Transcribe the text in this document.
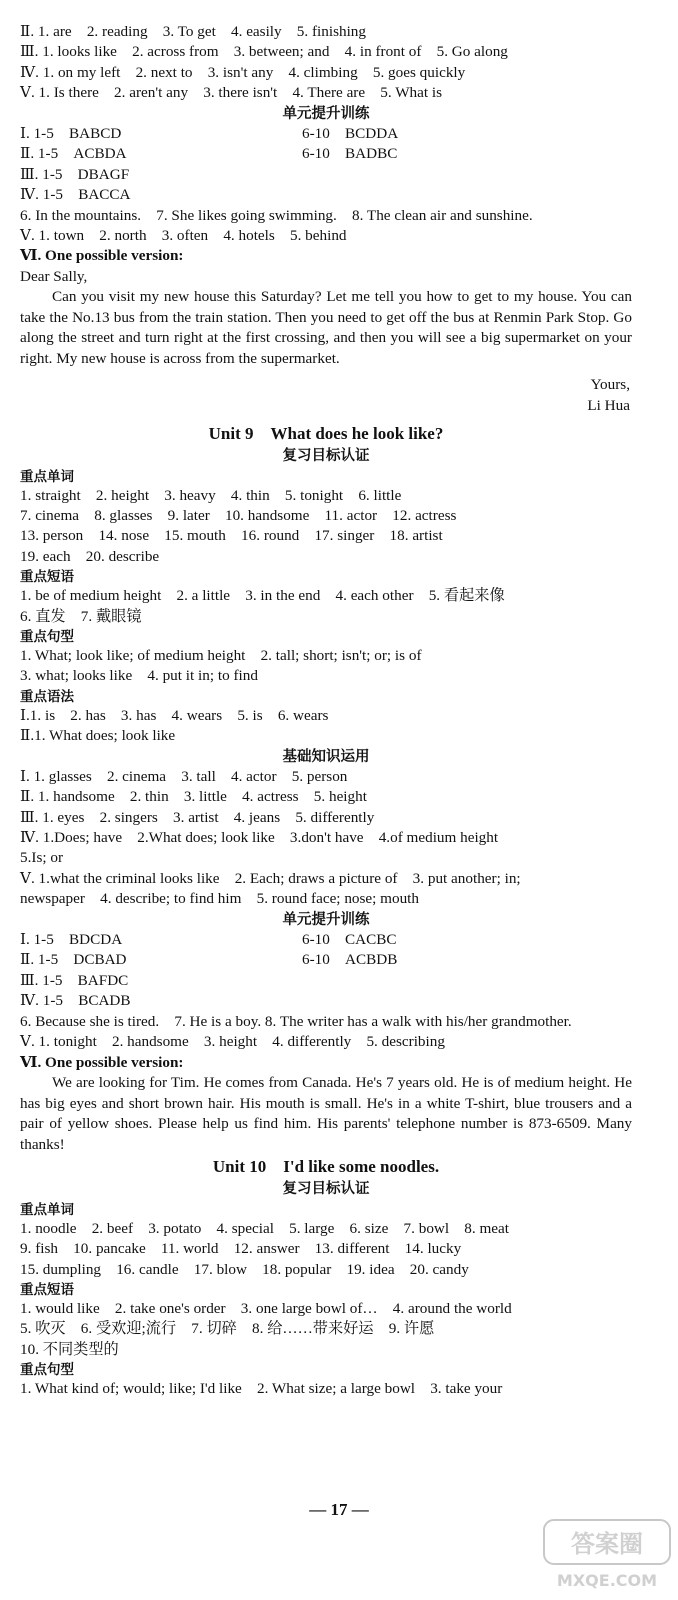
Ⅱ. 1. are　2. reading　3. To get　4. easily　5. finishing
Ⅲ. 1. looks like　2. across from　3. between; and　4. in front of　5. Go along
Ⅳ. 1. on my left　2. next to　3. isn't any　4. climbing　5. goes quickly
Ⅴ. 1. Is there　2. aren't any　3. there isn't　4. There are　5. What is
单元提升训练
Ⅰ. 1-5　BABCD	6-10　BCDDA
Ⅱ. 1-5　ACBDA	6-10　BADBC
Ⅲ. 1-5　DBAGF
Ⅳ. 1-5　BACCA
6. In the mountains.　7. She likes going swimming.　8. The clean air and sunshine.
Ⅴ. 1. town　2. north　3. often　4. hotels　5. behind
Ⅵ. One possible version:
Dear Sally,
Can you visit my new house this Saturday? Let me tell you how to get to my house. You can take the No.13 bus from the train station. Then you need to get off the bus at Renmin Park Stop. Go along the street and turn right at the first crossing, and then you will see a big supermarket on your right. My new house is across from the supermarket.
Yours,
Li Hua
Unit 9　What does he look like?
复习目标认证
重点单词
1. straight　2. height　3. heavy　4. thin　5. tonight　6. little
7. cinema　8. glasses　9. later　10. handsome　11. actor　12. actress
13. person　14. nose　15. mouth　16. round　17. singer　18. artist
19. each　20. describe
重点短语
1. be of medium height　2. a little　3. in the end　4. each other　5. 看起来像
6. 直发　7. 戴眼镜
重点句型
1. What; look like; of medium height　2. tall; short; isn't; or; is of
3. what; looks like　4. put it in; to find
重点语法
Ⅰ.1. is　2. has　3. has　4. wears　5. is　6. wears
Ⅱ.1. What does; look like
基础知识运用
Ⅰ. 1. glasses　2. cinema　3. tall　4. actor　5. person
Ⅱ. 1. handsome　2. thin　3. little　4. actress　5. height
Ⅲ. 1. eyes　2. singers　3. artist　4. jeans　5. differently
Ⅳ. 1.Does; have　2.What does; look like　3.don't have　4.of medium height
5.Is; or
Ⅴ. 1.what the criminal looks like　2. Each; draws a picture of　3. put another; in;
newspaper　4. describe; to find him　5. round face; nose; mouth
单元提升训练
Ⅰ. 1-5　BDCDA	6-10　CACBC
Ⅱ. 1-5　DCBAD	6-10　ACBDB
Ⅲ. 1-5　BAFDC
Ⅳ. 1-5　BCADB
6. Because she is tired.　7. He is a boy. 8. The writer has a walk with his/her grandmother.
Ⅴ. 1. tonight　2. handsome　3. height　4. differently　5. describing
Ⅵ. One possible version:
We are looking for Tim. He comes from Canada. He's 7 years old. He is of medium height. He has big eyes and short brown hair. His mouth is small. He's in a white T-shirt, blue trousers and a pair of yellow shoes. Please help us find him. His parents' telephone number is 873-6509. Many thanks!
Unit 10　I'd like some noodles.
复习目标认证
重点单词
1. noodle　2. beef　3. potato　4. special　5. large　6. size　7. bowl　8. meat
9. fish　10. pancake　11. world　12. answer　13. different　14. lucky
15. dumpling　16. candle　17. blow　18. popular　19. idea　20. candy
重点短语
1. would like　2. take one's order　3. one large bowl of…　4. around the world
5. 吹灭　6. 受欢迎;流行　7. 切碎　8. 给……带来好运　9. 许愿
10. 不同类型的
重点句型
1. What kind of; would; like; I'd like　2. What size; a large bowl　3. take your
— 17 —
答案圈
MXQE.COM
